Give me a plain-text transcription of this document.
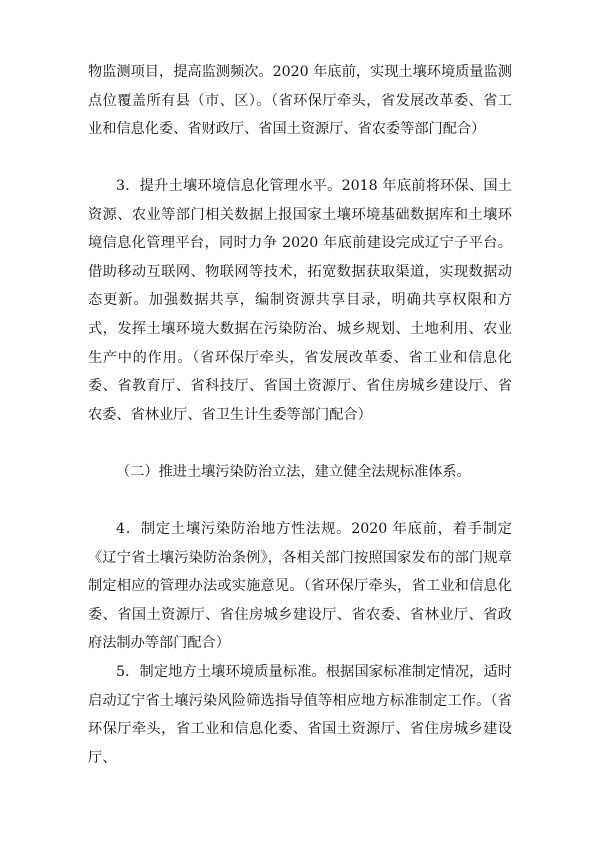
物监测项目，提高监测频次。2020 年底前，实现土壤环境质量监测点位覆盖所有县（市、区）。（省环保厅牵头，省发展改革委、省工业和信息化委、省财政厅、省国土资源厅、省农委等部门配合）

3．提升土壤环境信息化管理水平。2018 年底前将环保、国土资源、农业等部门相关数据上报国家土壤环境基础数据库和土壤环境信息化管理平台，同时力争 2020 年底前建设完成辽宁子平台。借助移动互联网、物联网等技术，拓宽数据获取渠道，实现数据动态更新。加强数据共享，编制资源共享目录，明确共享权限和方式，发挥土壤环境大数据在污染防治、城乡规划、土地利用、农业生产中的作用。（省环保厅牵头，省发展改革委、省工业和信息化委、省教育厅、省科技厅、省国土资源厅、省住房城乡建设厅、省农委、省林业厅、省卫生计生委等部门配合）

（二）推进土壤污染防治立法，建立健全法规标准体系。

4．制定土壤污染防治地方性法规。2020 年底前，着手制定《辽宁省土壤污染防治条例》，各相关部门按照国家发布的部门规章制定相应的管理办法或实施意见。（省环保厅牵头，省工业和信息化委、省国土资源厅、省住房城乡建设厅、省农委、省林业厅、省政府法制办等部门配合）

5．制定地方土壤环境质量标准。根据国家标准制定情况，适时启动辽宁省土壤污染风险筛选指导值等相应地方标准制定工作。（省环保厅牵头，省工业和信息化委、省国土资源厅、省住房城乡建设厅、
